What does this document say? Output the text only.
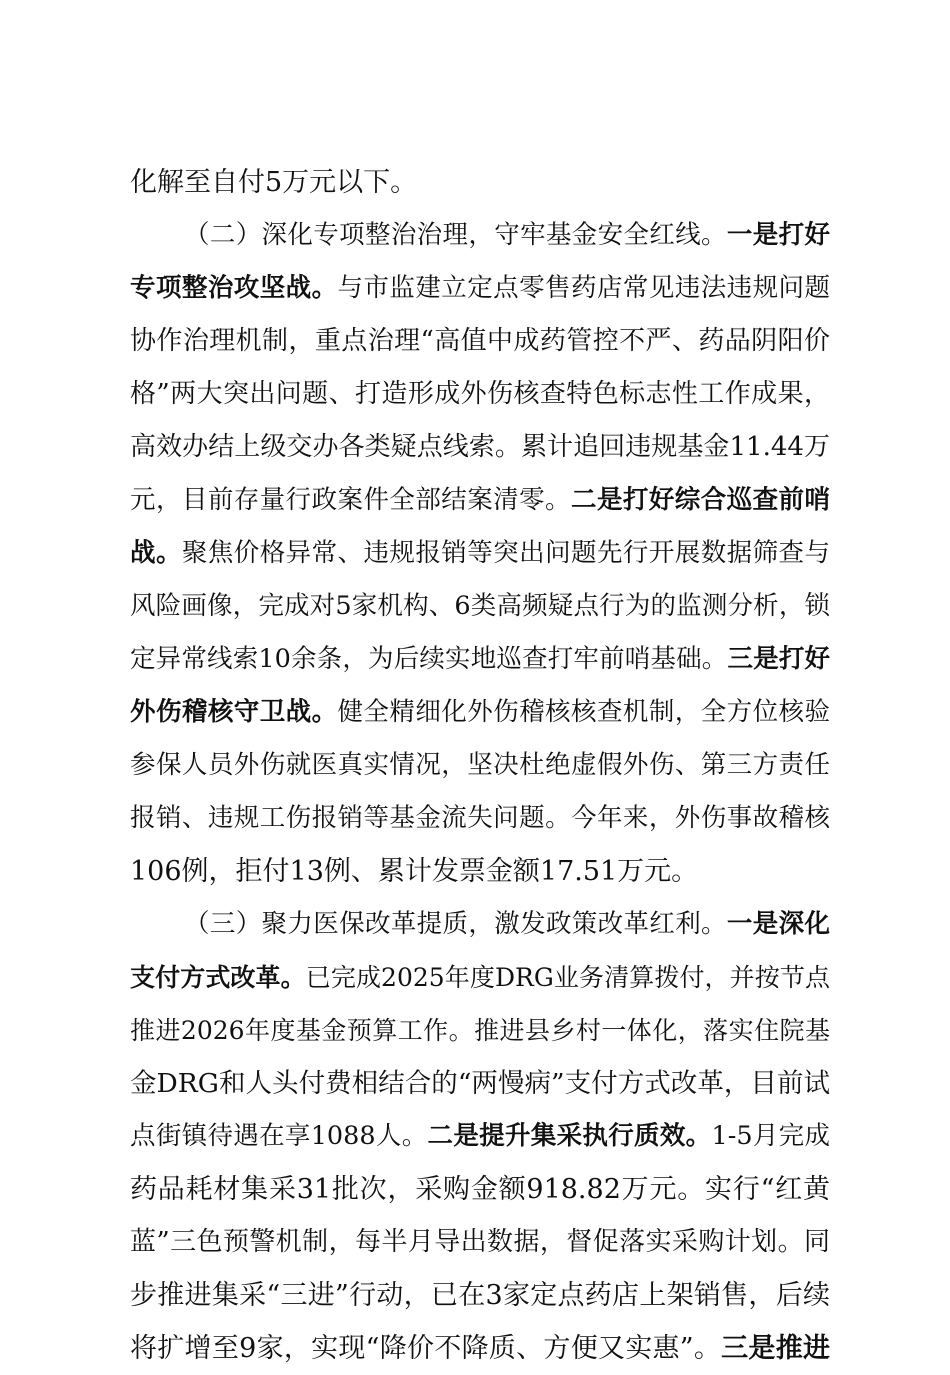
化解至自付5万元以下。
（二）深化专项整治治理，守牢基金安全红线。一是打好
专项整治攻坚战。与市监建立定点零售药店常见违法违规问题
协作治理机制，重点治理“高值中成药管控不严、药品阴阳价
格”两大突出问题、打造形成外伤核查特色标志性工作成果，
高效办结上级交办各类疑点线索。累计追回违规基金11.44万
元，目前存量行政案件全部结案清零。二是打好综合巡查前哨
战。聚焦价格异常、违规报销等突出问题先行开展数据筛查与
风险画像，完成对5家机构、6类高频疑点行为的监测分析，锁
定异常线索10余条，为后续实地巡查打牢前哨基础。三是打好
外伤稽核守卫战。健全精细化外伤稽核核查机制，全方位核验
参保人员外伤就医真实情况，坚决杜绝虚假外伤、第三方责任
报销、违规工伤报销等基金流失问题。今年来，外伤事故稽核
106例，拒付13例、累计发票金额17.51万元。
（三）聚力医保改革提质，激发政策改革红利。一是深化
支付方式改革。已完成2025年度DRG业务清算拨付，并按节点
推进2026年度基金预算工作。推进县乡村一体化，落实住院基
金DRG和人头付费相结合的“两慢病”支付方式改革，目前试
点街镇待遇在享1088人。二是提升集采执行质效。1-5月完成
药品耗材集采31批次，采购金额918.82万元。实行“红黄
蓝”三色预警机制，每半月导出数据，督促落实采购计划。同
步推进集采“三进”行动，已在3家定点药店上架销售，后续
将扩增至9家，实现“降价不降质、方便又实惠”。三是推进
